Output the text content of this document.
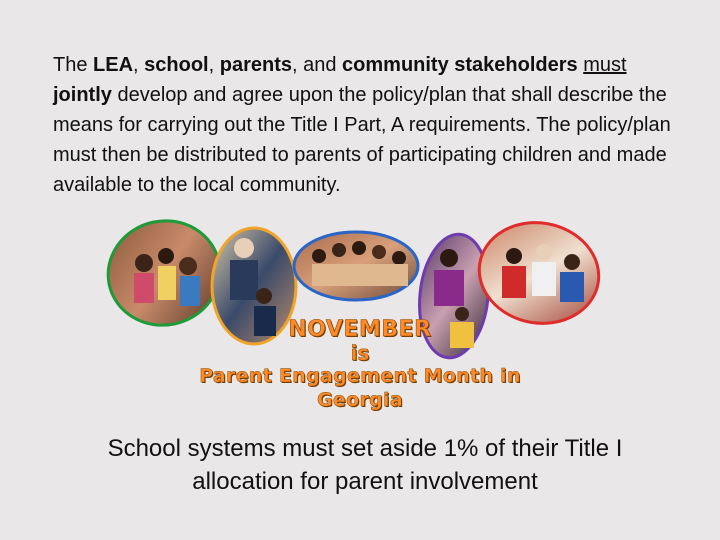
The LEA, school, parents, and community stakeholders must jointly develop and agree upon the policy/plan that shall describe the means for carrying out the Title I Part, A requirements. The policy/plan must then be distributed to parents of participating children and made available to the local community.
NOVEMBER
is
Parent Engagement Month in Georgia
School systems must set aside 1% of their Title I allocation for parent involvement
